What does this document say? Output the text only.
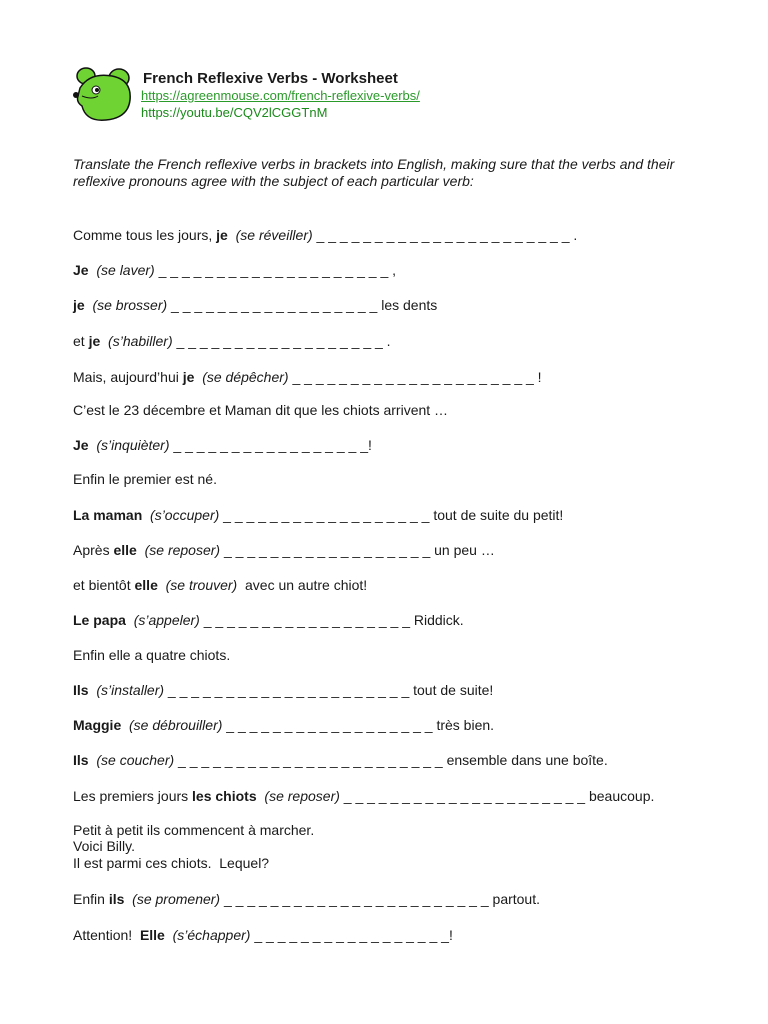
French Reflexive Verbs - Worksheet
https://agreenmouse.com/french-reflexive-verbs/
https://youtu.be/CQV2lCGGTnM
Translate the French reflexive verbs in brackets into English, making sure that the verbs and their reflexive pronouns agree with the subject of each particular verb:
Comme tous les jours, je (se réveiller) _ _ _ _ _ _ _ _ _ _ _ _ _ _ _ _ _ _ _ _ _ _ .
Je (se laver) _ _ _ _ _ _ _ _ _ _ _ _ _ _ _ _ _ _ _ _ ,
je (se brosser) _ _ _ _ _ _ _ _ _ _ _ _ _ _ _ _ _ _ les dents
et je (s’habiller) _ _ _ _ _ _ _ _ _ _ _ _ _ _ _ _ _ _ .
Mais, aujourd’hui je (se dépêcher) _ _ _ _ _ _ _ _ _ _ _ _ _ _ _ _ _ _ _ _ _ !
C’est le 23 décembre et Maman dit que les chiots arrivent …
Je (s’inquièter) _ _ _ _ _ _ _ _ _ _ _ _ _ _ _ _ _!
Enfin le premier est né.
La maman (s’occuper) _ _ _ _ _ _ _ _ _ _ _ _ _ _ _ _ _ _ tout de suite du petit!
Après elle (se reposer) _ _ _ _ _ _ _ _ _ _ _ _ _ _ _ _ _ _ un peu …
et bientôt elle (se trouver)  avec un autre chiot!
Le papa (s’appeler) _ _ _ _ _ _ _ _ _ _ _ _ _ _ _ _ _ _ Riddick.
Enfin elle a quatre chiots.
Ils (s’installer) _ _ _ _ _ _ _ _ _ _ _ _ _ _ _ _ _ _ _ _ _ tout de suite!
Maggie (se débrouiller) _ _ _ _ _ _ _ _ _ _ _ _ _ _ _ _ _ _ très bien.
Ils (se coucher) _ _ _ _ _ _ _ _ _ _ _ _ _ _ _ _ _ _ _ _ _ _ _ ensemble dans une boîte.
Les premiers jours les chiots (se reposer) _ _ _ _ _ _ _ _ _ _ _ _ _ _ _ _ _ _ _ _ _ beaucoup.
Petit à petit ils commencent à marcher.
Voici Billy.
Il est parmi ces chiots.  Lequel?
Enfin ils (se promener) _ _ _ _ _ _ _ _ _ _ _ _ _ _ _ _ _ _ _ _ _ _ _ partout.
Attention!  Elle (s’échapper) _ _ _ _ _ _ _ _ _ _ _ _ _ _ _ _ _!
